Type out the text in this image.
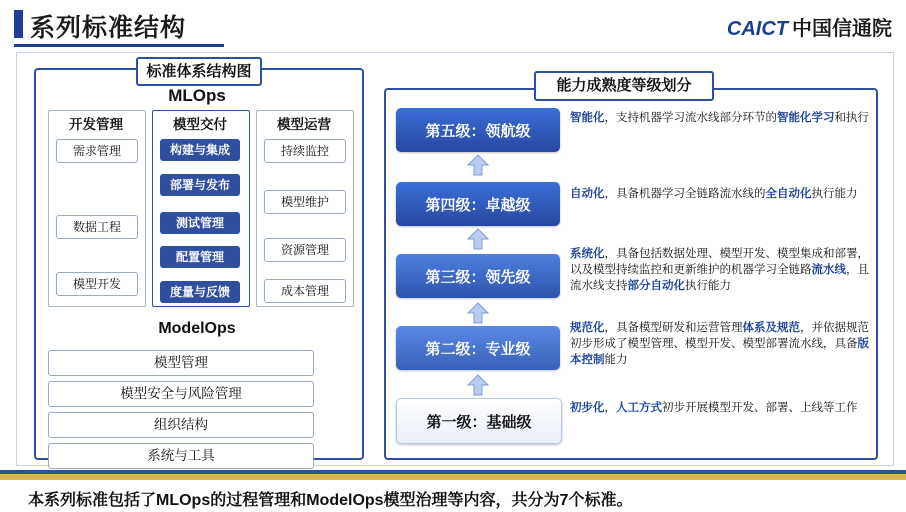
系列标准结构	CAICT 中国信通院
标准体系结构图
MLOps
开发管理
需求管理
数据工程
模型开发
模型交付
构建与集成
部署与发布
测试管理
配置管理
度量与反馈
模型运营
持续监控
模型维护
资源管理
成本管理
ModelOps
模型管理
模型安全与风险管理
组织结构
系统与工具
能力成熟度等级划分
第五级：领航级
智能化，支持机器学习流水线部分环节的智能化学习和执行
第四级：卓越级
自动化，具备机器学习全链路流水线的全自动化执行能力
第三级：领先级
系统化，具备包括数据处理、模型开发、模型集成和部署，以及模型持续监控和更新维护的机器学习全链路流水线，且流水线支持部分自动化执行能力
第二级：专业级
规范化，具备模型研发和运营管理体系及规范，并依据规范初步形成了模型管理、模型开发、模型部署流水线，具备版本控制能力
第一级：基础级
初步化，人工方式初步开展模型开发、部署、上线等工作
本系列标准包括了MLOps的过程管理和ModelOps模型治理等内容，共分为7个标准。
